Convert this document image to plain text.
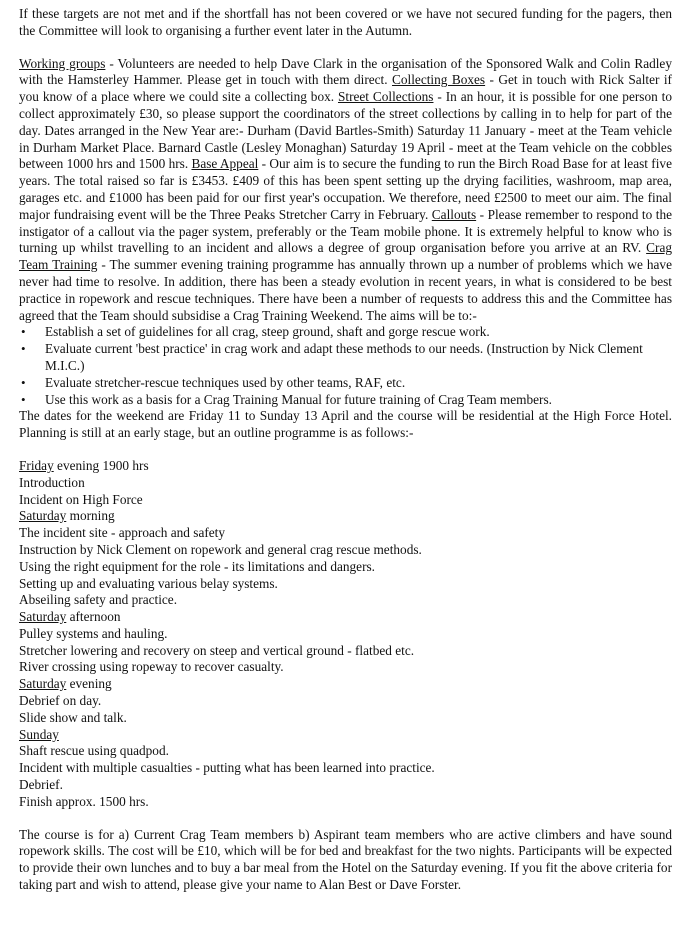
If these targets are not met and if the shortfall has not been covered or we have not secured funding for the pagers, then the Committee will look to organising a further event later in the Autumn.

Working groups - Volunteers are needed to help Dave Clark in the organisation of the Sponsored Walk and Colin Radley with the Hamsterley Hammer. Please get in touch with them direct. Collecting Boxes - Get in touch with Rick Salter if you know of a place where we could site a collecting box. Street Collections - In an hour, it is possible for one person to collect approximately £30, so please support the coordinators of the street collections by calling in to help for part of the day. Dates arranged in the New Year are:- Durham (David Bartles-Smith) Saturday 11 January - meet at the Team vehicle in Durham Market Place. Barnard Castle (Lesley Monaghan) Saturday 19 April - meet at the Team vehicle on the cobbles between 1000 hrs and 1500 hrs. Base Appeal - Our aim is to secure the funding to run the Birch Road Base for at least five years. The total raised so far is £3453. £409 of this has been spent setting up the drying facilities, washroom, map area, garages etc. and £1000 has been paid for our first year's occupation. We therefore, need £2500 to meet our aim. The final major fundraising event will be the Three Peaks Stretcher Carry in February. Callouts - Please remember to respond to the instigator of a callout via the pager system, preferably or the Team mobile phone. It is extremely helpful to know who is turning up whilst travelling to an incident and allows a degree of group organisation before you arrive at an RV. Crag Team Training - The summer evening training programme has annually thrown up a number of problems which we have never had time to resolve. In addition, there has been a steady evolution in recent years, in what is considered to be best practice in ropework and rescue techniques. There have been a number of requests to address this and the Committee has agreed that the Team should subsidise a Crag Training Weekend. The aims will be to:-

• Establish a set of guidelines for all crag, steep ground, shaft and gorge rescue work.
• Evaluate current 'best practice' in crag work and adapt these methods to our needs. (Instruction by Nick Clement M.I.C.)
• Evaluate stretcher-rescue techniques used by other teams, RAF, etc.
• Use this work as a basis for a Crag Training Manual for future training of Crag Team members.

The dates for the weekend are Friday 11 to Sunday 13 April and the course will be residential at the High Force Hotel. Planning is still at an early stage, but an outline programme is as follows:-

Friday evening 1900 hrs

Introduction

Incident on High Force

Saturday morning

The incident site - approach and safety

Instruction by Nick Clement on ropework and general crag rescue methods.

Using the right equipment for the role - its limitations and dangers.

Setting up and evaluating various belay systems.

Abseiling safety and practice.

Saturday afternoon

Pulley systems and hauling.

Stretcher lowering and recovery on steep and vertical ground - flatbed etc.

River crossing using ropeway to recover casualty.

Saturday evening

Debrief on day.

Slide show and talk.

Sunday

Shaft rescue using quadpod.

Incident with multiple casualties - putting what has been learned into practice.

Debrief.

Finish approx. 1500 hrs.

The course is for a) Current Crag Team members b) Aspirant team members who are active climbers and have sound ropework skills. The cost will be £10, which will be for bed and breakfast for the two nights. Participants will be expected to provide their own lunches and to buy a bar meal from the Hotel on the Saturday evening. If you fit the above criteria for taking part and wish to attend, please give your name to Alan Best or Dave Forster.
